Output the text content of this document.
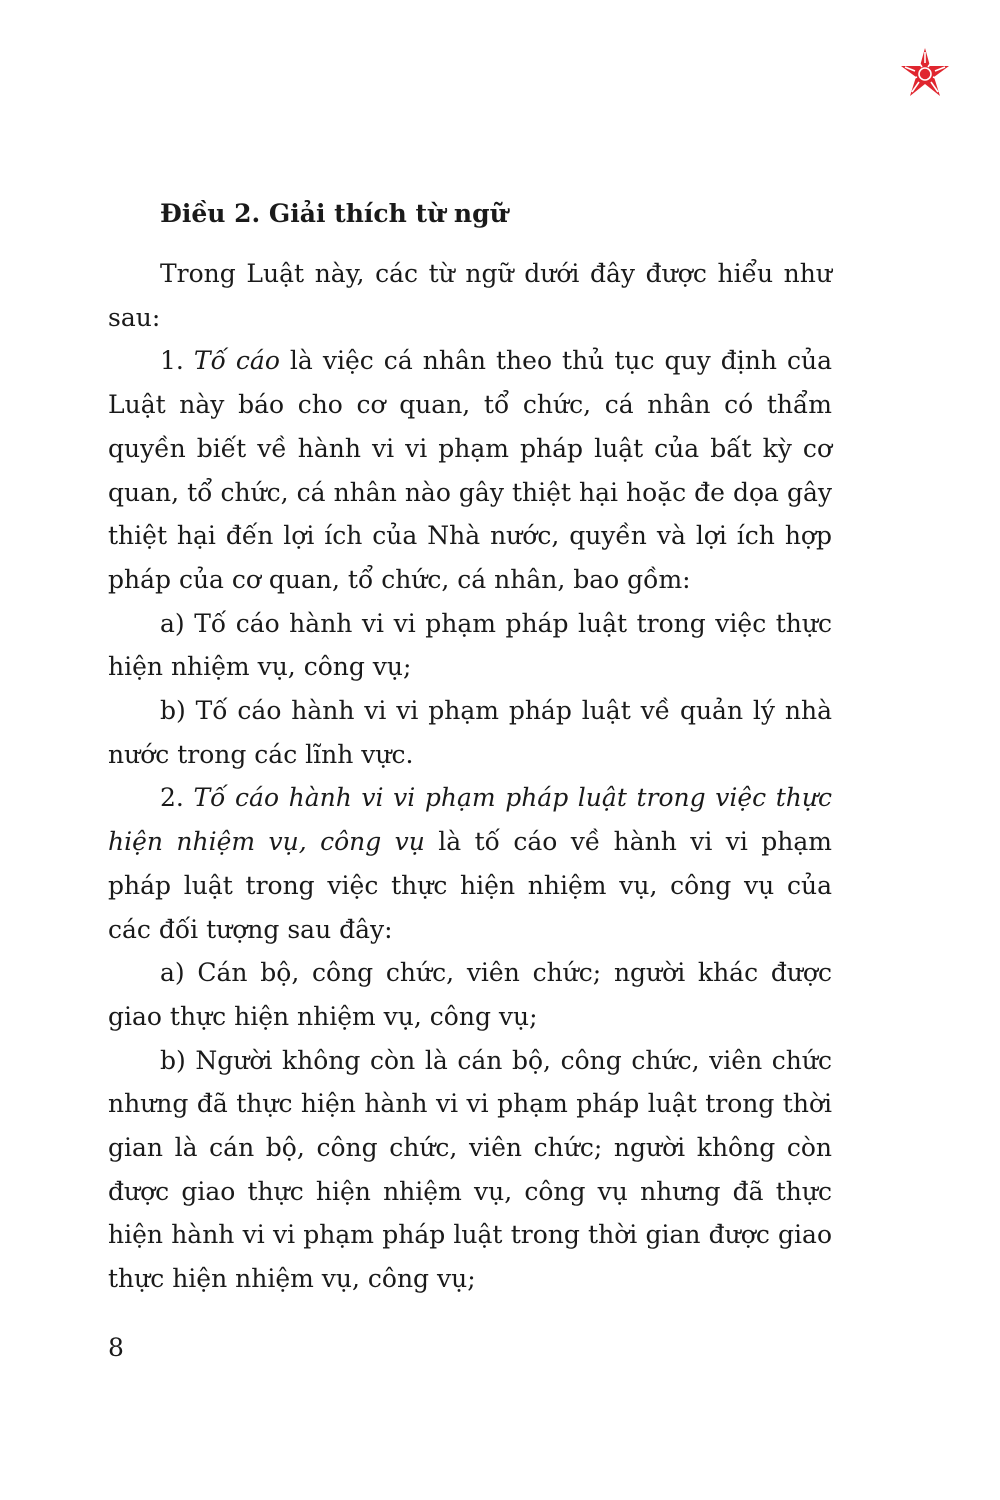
Điều 2. Giải thích từ ngữ

Trong Luật này, các từ ngữ dưới đây được hiểu như sau:

1. Tố cáo là việc cá nhân theo thủ tục quy định của Luật này báo cho cơ quan, tổ chức, cá nhân có thẩm quyền biết về hành vi vi phạm pháp luật của bất kỳ cơ quan, tổ chức, cá nhân nào gây thiệt hại hoặc đe dọa gây thiệt hại đến lợi ích của Nhà nước, quyền và lợi ích hợp pháp của cơ quan, tổ chức, cá nhân, bao gồm:

a) Tố cáo hành vi vi phạm pháp luật trong việc thực hiện nhiệm vụ, công vụ;

b) Tố cáo hành vi vi phạm pháp luật về quản lý nhà nước trong các lĩnh vực.

2. Tố cáo hành vi vi phạm pháp luật trong việc thực hiện nhiệm vụ, công vụ là tố cáo về hành vi vi phạm pháp luật trong việc thực hiện nhiệm vụ, công vụ của các đối tượng sau đây:

a) Cán bộ, công chức, viên chức; người khác được giao thực hiện nhiệm vụ, công vụ;

b) Người không còn là cán bộ, công chức, viên chức nhưng đã thực hiện hành vi vi phạm pháp luật trong thời gian là cán bộ, công chức, viên chức; người không còn được giao thực hiện nhiệm vụ, công vụ nhưng đã thực hiện hành vi vi phạm pháp luật trong thời gian được giao thực hiện nhiệm vụ, công vụ;

8
